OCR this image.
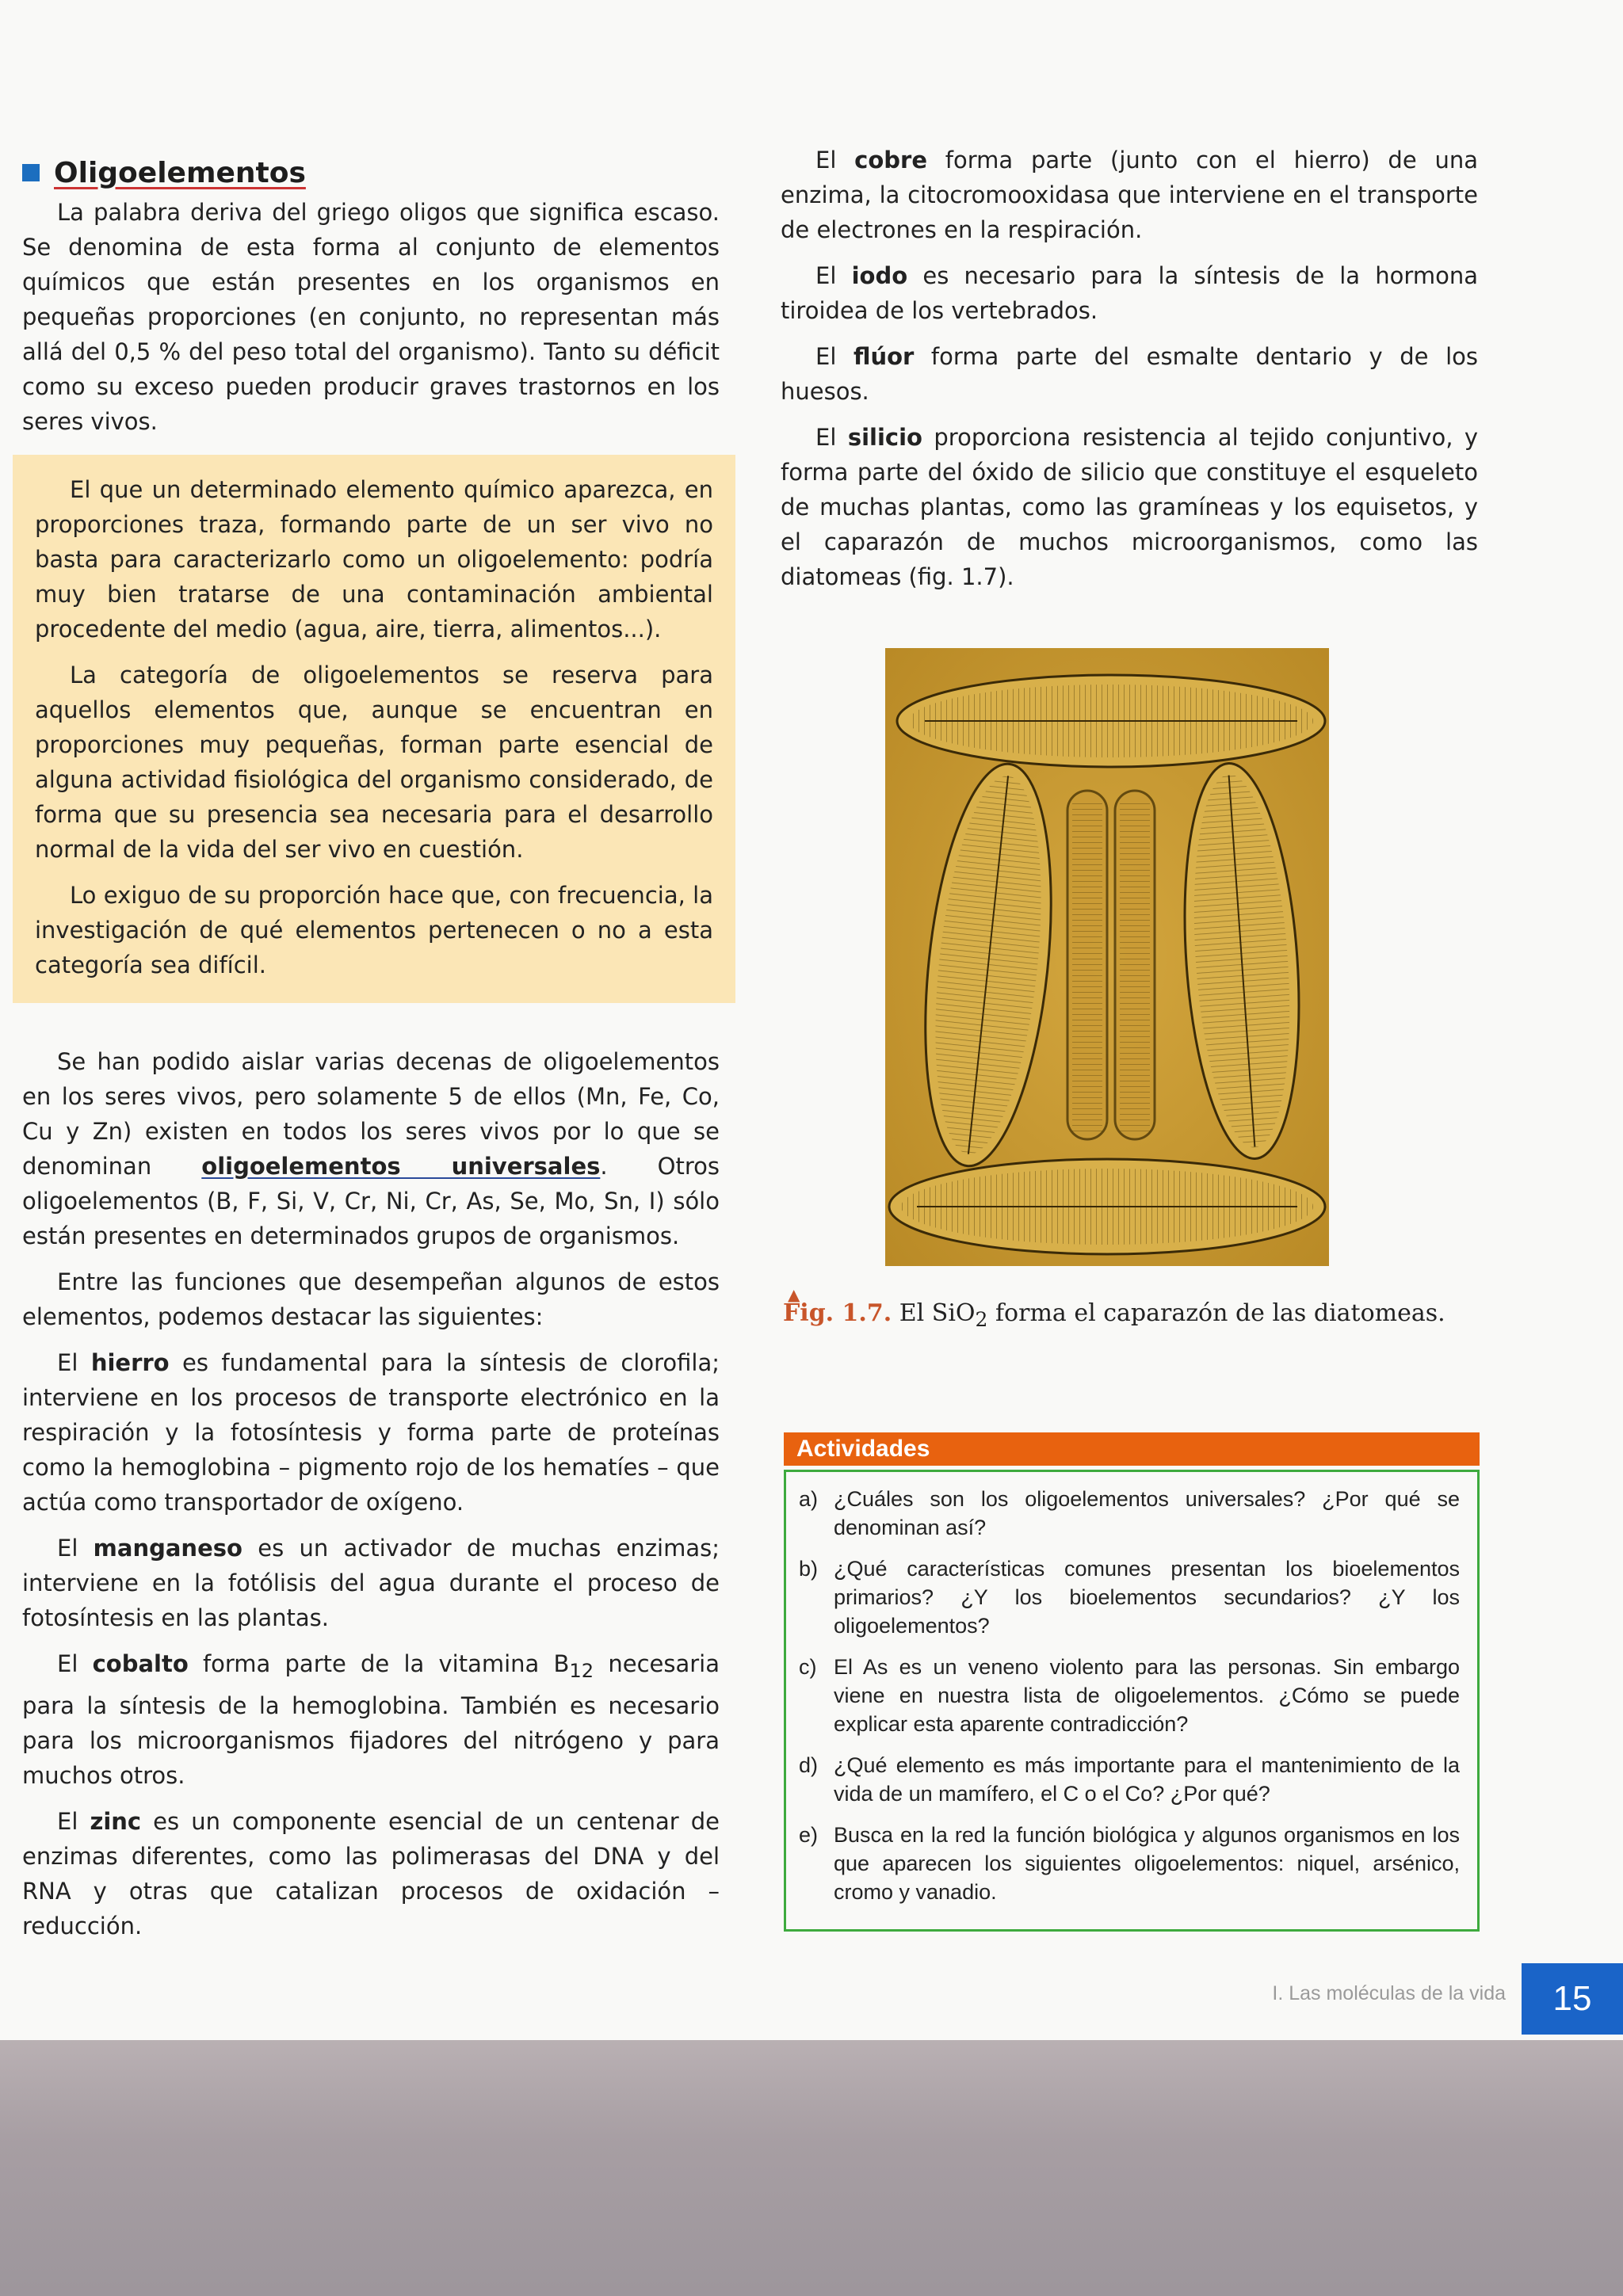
Oligoelementos

La palabra deriva del griego oligos que significa escaso. Se denomina de esta forma al conjunto de elementos químicos que están presentes en los organismos en pequeñas proporciones (en conjunto, no representan más allá del 0,5 % del peso total del organismo). Tanto su déficit como su exceso pueden producir graves trastornos en los seres vivos.

El que un determinado elemento químico aparezca, en proporciones traza, formando parte de un ser vivo no basta para caracterizarlo como un oligoelemento: podría muy bien tratarse de una contaminación ambiental procedente del medio (agua, aire, tierra, alimentos...).

La categoría de oligoelementos se reserva para aquellos elementos que, aunque se encuentran en proporciones muy pequeñas, forman parte esencial de alguna actividad fisiológica del organismo considerado, de forma que su presencia sea necesaria para el desarrollo normal de la vida del ser vivo en cuestión.

Lo exiguo de su proporción hace que, con frecuencia, la investigación de qué elementos pertenecen o no a esta categoría sea difícil.

Se han podido aislar varias decenas de oligoelementos en los seres vivos, pero solamente 5 de ellos (Mn, Fe, Co, Cu y Zn) existen en todos los seres vivos por lo que se denominan oligoelementos universales. Otros oligoelementos (B, F, Si, V, Cr, Ni, Cr, As, Se, Mo, Sn, I) sólo están presentes en determinados grupos de organismos.

Entre las funciones que desempeñan algunos de estos elementos, podemos destacar las siguientes:

El hierro es fundamental para la síntesis de clorofila; interviene en los procesos de transporte electrónico en la respiración y la fotosíntesis y forma parte de proteínas como la hemoglobina – pigmento rojo de los hematíes – que actúa como transportador de oxígeno.

El manganeso es un activador de muchas enzimas; interviene en la fotólisis del agua durante el proceso de fotosíntesis en las plantas.

El cobalto forma parte de la vitamina $B_{12}$ necesaria para la síntesis de la hemoglobina. También es necesario para los microorganismos fijadores del nitrógeno y para muchos otros.

El zinc es un componente esencial de un centenar de enzimas diferentes, como las polimerasas del DNA y del RNA y otras que catalizan procesos de oxidación – reducción.

El cobre forma parte (junto con el hierro) de una enzima, la citocromooxidasa que interviene en el transporte de electrones en la respiración.

El iodo es necesario para la síntesis de la hormona tiroidea de los vertebrados.

El flúor forma parte del esmalte dentario y de los huesos.

El silicio proporciona resistencia al tejido conjuntivo, y forma parte del óxido de silicio que constituye el esqueleto de muchas plantas, como las gramíneas y los equisetos, y el caparazón de muchos microorganismos, como las diatomeas (fig. 1.7).

▲
Fig. 1.7. El SiO$_2$ forma el caparazón de las diatomeas.
Actividades
a) ¿Cuáles son los oligoelementos universales? ¿Por qué se denominan así?
b) ¿Qué características comunes presentan los bioelementos primarios? ¿Y los bioelementos secundarios? ¿Y los oligoelementos?
c) El As es un veneno violento para las personas. Sin embargo viene en nuestra lista de oligoelementos. ¿Cómo se puede explicar esta aparente contradicción?
d) ¿Qué elemento es más importante para el mantenimiento de la vida de un mamífero, el C o el Co? ¿Por qué?
e) Busca en la red la función biológica y algunos organismos en los que aparecen los siguientes oligoelementos: niquel, arsénico, cromo y vanadio.
I. Las moléculas de la vida	15
